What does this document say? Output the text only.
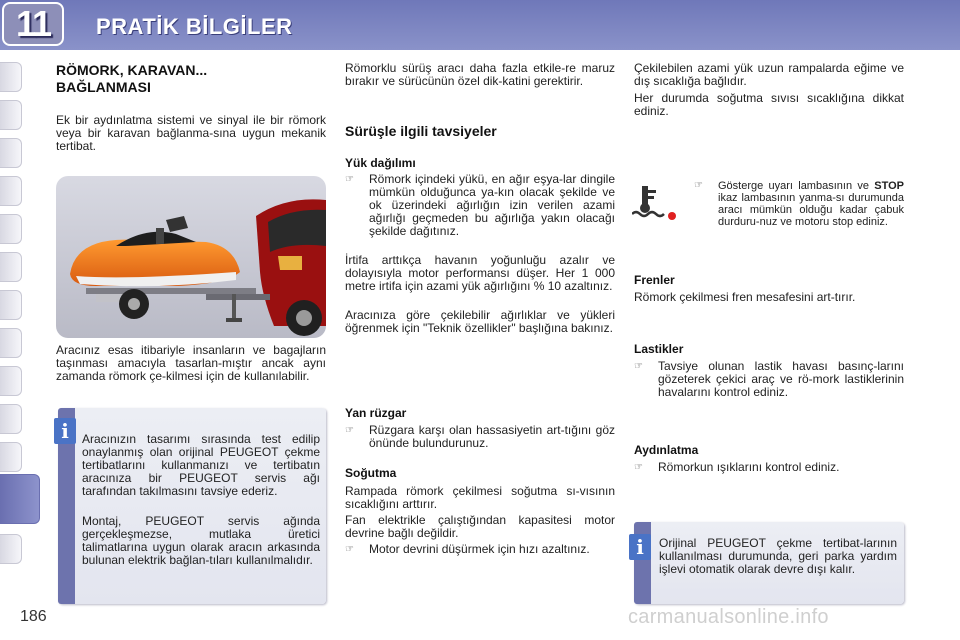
11	PRATİK BİLGİLER
RÖMORK, KARAVAN... BAĞLANMASI
Ek bir aydınlatma sistemi ve sinyal ile bir römork veya bir karavan bağlanma-sına uygun mekanik tertibat.
Aracınız esas itibariyle insanların ve bagajların taşınması amacıyla tasarlan-mıştır ancak aynı zamanda römork çe-kilmesi için de kullanılabilir.
i	Aracınızın tasarımı sırasında test edilip onaylanmış olan orijinal PEUGEOT çekme tertibatlarını kullanmanızı ve tertibatın aracınıza bir PEUGEOT servis ağı tarafından takılmasını tavsiye ederiz.
Montaj, PEUGEOT servis ağında gerçekleşmezse, mutlaka üretici talimatlarına uygun olarak aracın arkasında bulunan elektrik bağlan-tıları kullanılmalıdır.
Römorklu sürüş aracı daha fazla etkile-re maruz bırakır ve sürücünün özel dik-katini gerektirir.
Sürüşle ilgili tavsiyeler
Yük dağılımı
☞ Römork içindeki yükü, en ağır eşya-lar dingile mümkün olduğunca ya-kın olacak şekilde ve ok üzerindeki ağırlığın izin verilen azami ağırlığı geçmeden bu ağırlığa yakın olacağı şekilde dağıtınız.
İrtifa arttıkça havanın yoğunluğu azalır ve dolayısıyla motor performansı düşer. Her 1 000 metre irtifa için azami yük ağırlığını % 10 azaltınız.
Aracınıza göre çekilebilir ağırlıklar ve yükleri öğrenmek için "Teknik özellikler" başlığına bakınız.
Yan rüzgar
☞ Rüzgara karşı olan hassasiyetin art-tığını göz önünde bulundurunuz.
Soğutma
Rampada römork çekilmesi soğutma sı-vısının sıcaklığını arttırır.
Fan elektrikle çalıştığından kapasitesi motor devrine bağlı değildir.
☞ Motor devrini düşürmek için hızı azaltınız.
Çekilebilen azami yük uzun rampalarda eğime ve dış sıcaklığa bağlıdır.
Her durumda soğutma sıvısı sıcaklığına dikkat ediniz.
☞ Gösterge uyarı lambasının ve STOP ikaz lambasının yanma-sı durumunda aracı mümkün olduğu kadar çabuk durduru-nuz ve motoru stop ediniz.
Frenler
Römork çekilmesi fren mesafesini art-tırır.
Lastikler
☞ Tavsiye olunan lastik havası basınç-larını gözeterek çekici araç ve rö-mork lastiklerinin havalarını kontrol ediniz.
Aydınlatma
☞ Römorkun ışıklarını kontrol ediniz.
i	Orijinal PEUGEOT çekme tertibat-larının kullanılması durumunda, geri parka yardım işlevi otomatik olarak devre dışı kalır.
186	carmanualsonline.info
